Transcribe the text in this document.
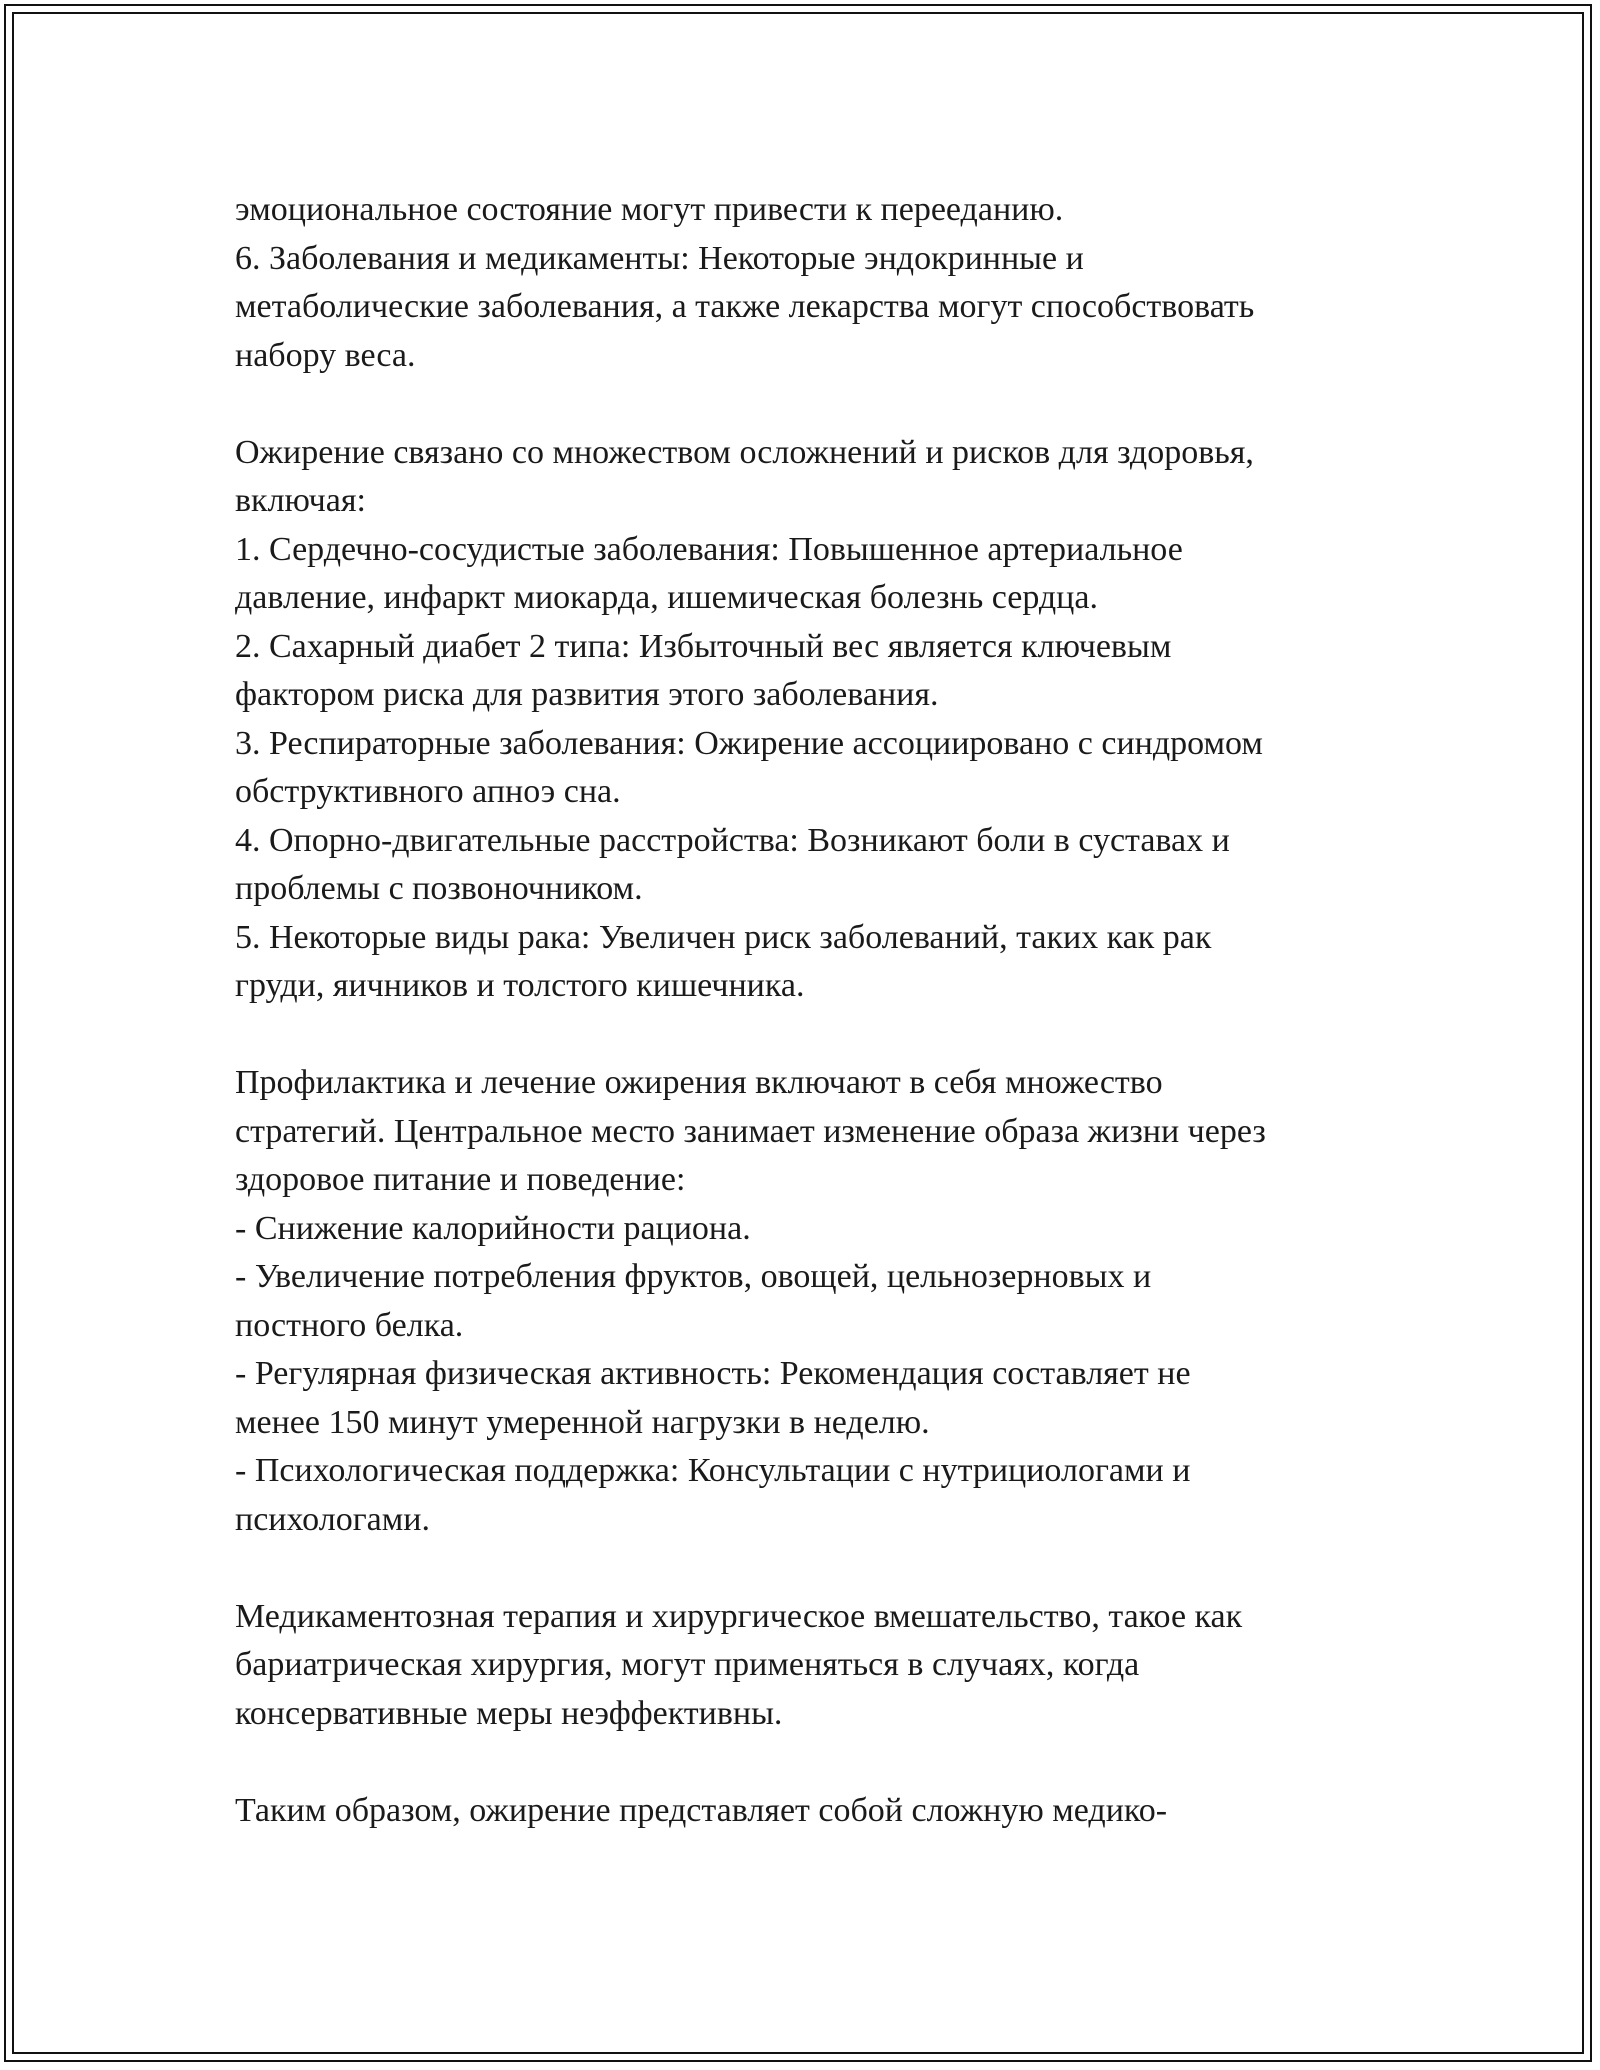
эмоциональное состояние могут привести к перееданию.
6. Заболевания и медикаменты: Некоторые эндокринные и
метаболические заболевания, а также лекарства могут способствовать
набору веса.
Ожирение связано со множеством осложнений и рисков для здоровья,
включая:
1. Сердечно-сосудистые заболевания: Повышенное артериальное
давление, инфаркт миокарда, ишемическая болезнь сердца.
2. Сахарный диабет 2 типа: Избыточный вес является ключевым
фактором риска для развития этого заболевания.
3. Респираторные заболевания: Ожирение ассоциировано с синдромом
обструктивного апноэ сна.
4. Опорно-двигательные расстройства: Возникают боли в суставах и
проблемы с позвоночником.
5. Некоторые виды рака: Увеличен риск заболеваний, таких как рак
груди, яичников и толстого кишечника.
Профилактика и лечение ожирения включают в себя множество
стратегий. Центральное место занимает изменение образа жизни через
здоровое питание и поведение:
- Снижение калорийности рациона.
- Увеличение потребления фруктов, овощей, цельнозерновых и
постного белка.
- Регулярная физическая активность: Рекомендация составляет не
менее 150 минут умеренной нагрузки в неделю.
- Психологическая поддержка: Консультации с нутрициологами и
психологами.
Медикаментозная терапия и хирургическое вмешательство, такое как
бариатрическая хирургия, могут применяться в случаях, когда
консервативные меры неэффективны.
Таким образом, ожирение представляет собой сложную медико-
